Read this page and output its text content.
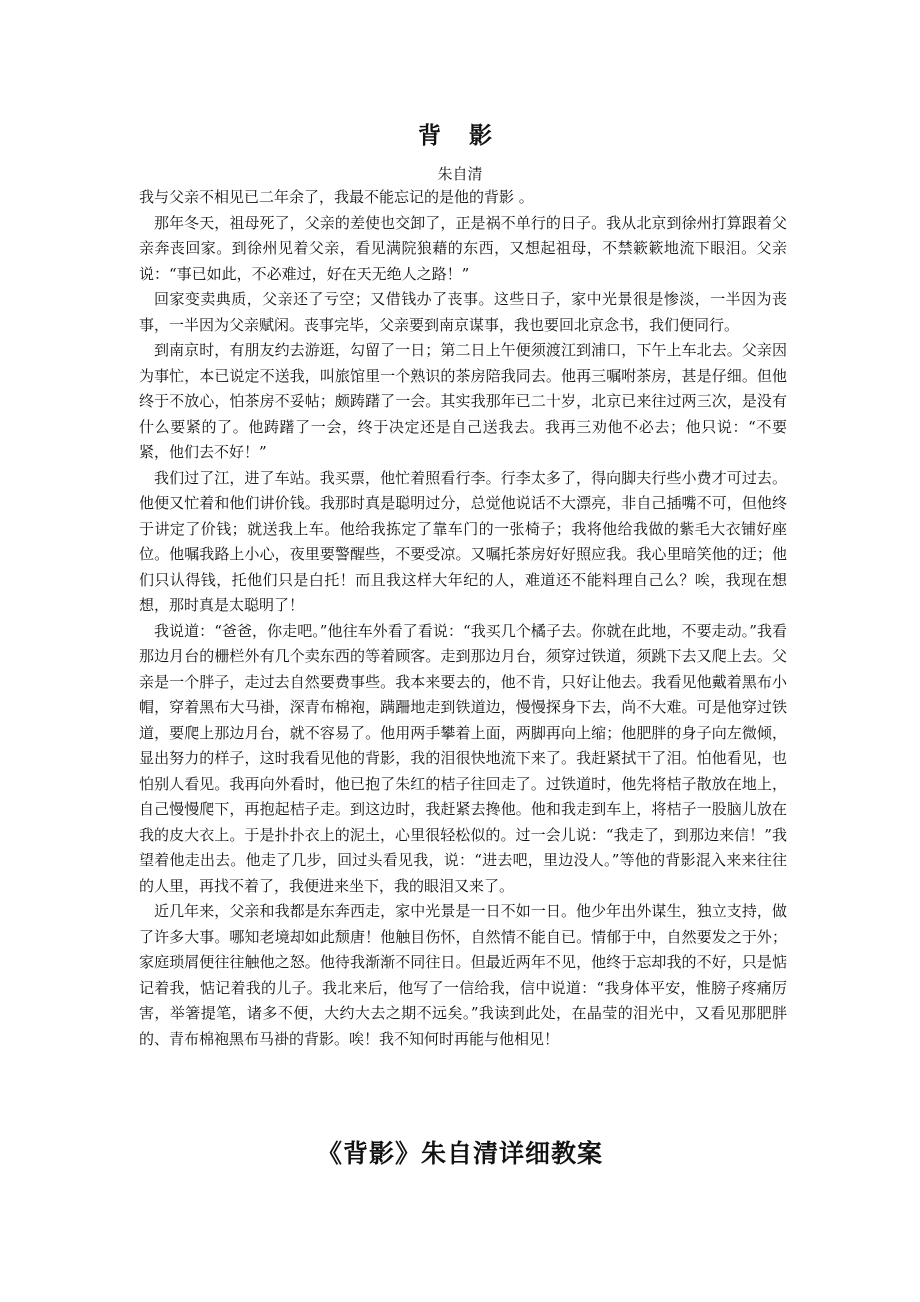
背 影
朱自清

我与父亲不相见已二年余了，我最不能忘记的是他的背影 。

那年冬天，祖母死了，父亲的差使也交卸了，正是祸不单行的日子。我从北京到徐州打算跟着父亲奔丧回家。到徐州见着父亲，看见满院狼藉的东西，又想起祖母，不禁簌簌地流下眼泪。父亲说：“事已如此，不必难过，好在天无绝人之路！”

回家变卖典质，父亲还了亏空；又借钱办了丧事。这些日子，家中光景很是惨淡，一半因为丧事，一半因为父亲赋闲。丧事完毕，父亲要到南京谋事，我也要回北京念书，我们便同行。

到南京时，有朋友约去游逛，勾留了一日；第二日上午便须渡江到浦口，下午上车北去。父亲因为事忙，本已说定不送我，叫旅馆里一个熟识的茶房陪我同去。他再三嘱咐茶房，甚是仔细。但他终于不放心，怕茶房不妥帖；颇踌躇了一会。其实我那年已二十岁，北京已来往过两三次，是没有什么要紧的了。他踌躇了一会，终于决定还是自己送我去。我再三劝他不必去；他只说：“不要紧，他们去不好！”

我们过了江，进了车站。我买票，他忙着照看行李。行李太多了，得向脚夫行些小费才可过去。他便又忙着和他们讲价钱。我那时真是聪明过分，总觉他说话不大漂亮，非自己插嘴不可，但他终于讲定了价钱；就送我上车。他给我拣定了靠车门的一张椅子；我将他给我做的紫毛大衣铺好座位。他嘱我路上小心，夜里要警醒些，不要受凉。又嘱托茶房好好照应我。我心里暗笑他的迂；他们只认得钱，托他们只是白托！而且我这样大年纪的人，难道还不能料理自己么？唉，我现在想想，那时真是太聪明了！

我说道：“爸爸，你走吧。”他往车外看了看说：“我买几个橘子去。你就在此地，不要走动。”我看那边月台的栅栏外有几个卖东西的等着顾客。走到那边月台，须穿过铁道，须跳下去又爬上去。父亲是一个胖子，走过去自然要费事些。我本来要去的，他不肯，只好让他去。我看见他戴着黑布小帽，穿着黑布大马褂，深青布棉袍，蹒跚地走到铁道边，慢慢探身下去，尚不大难。可是他穿过铁道，要爬上那边月台，就不容易了。他用两手攀着上面，两脚再向上缩；他肥胖的身子向左微倾，显出努力的样子，这时我看见他的背影，我的泪很快地流下来了。我赶紧拭干了泪。怕他看见，也怕别人看见。我再向外看时，他已抱了朱红的桔子往回走了。过铁道时，他先将桔子散放在地上，自己慢慢爬下，再抱起桔子走。到这边时，我赶紧去搀他。他和我走到车上，将桔子一股脑儿放在我的皮大衣上。于是扑扑衣上的泥土，心里很轻松似的。过一会儿说：“我走了，到那边来信！”我望着他走出去。他走了几步，回过头看见我，说：“进去吧，里边没人。”等他的背影混入来来往往的人里，再找不着了，我便进来坐下，我的眼泪又来了。

近几年来，父亲和我都是东奔西走，家中光景是一日不如一日。他少年出外谋生，独立支持，做了许多大事。哪知老境却如此颓唐！他触目伤怀，自然情不能自已。情郁于中，自然要发之于外；家庭琐屑便往往触他之怒。他待我渐渐不同往日。但最近两年不见，他终于忘却我的不好，只是惦记着我，惦记着我的儿子。我北来后，他写了一信给我，信中说道：“我身体平安，惟膀子疼痛厉害，举箸提笔，诸多不便，大约大去之期不远矣。”我读到此处，在晶莹的泪光中，又看见那肥胖的、青布棉袍黑布马褂的背影。唉！我不知何时再能与他相见！

《背影》朱自清详细教案
